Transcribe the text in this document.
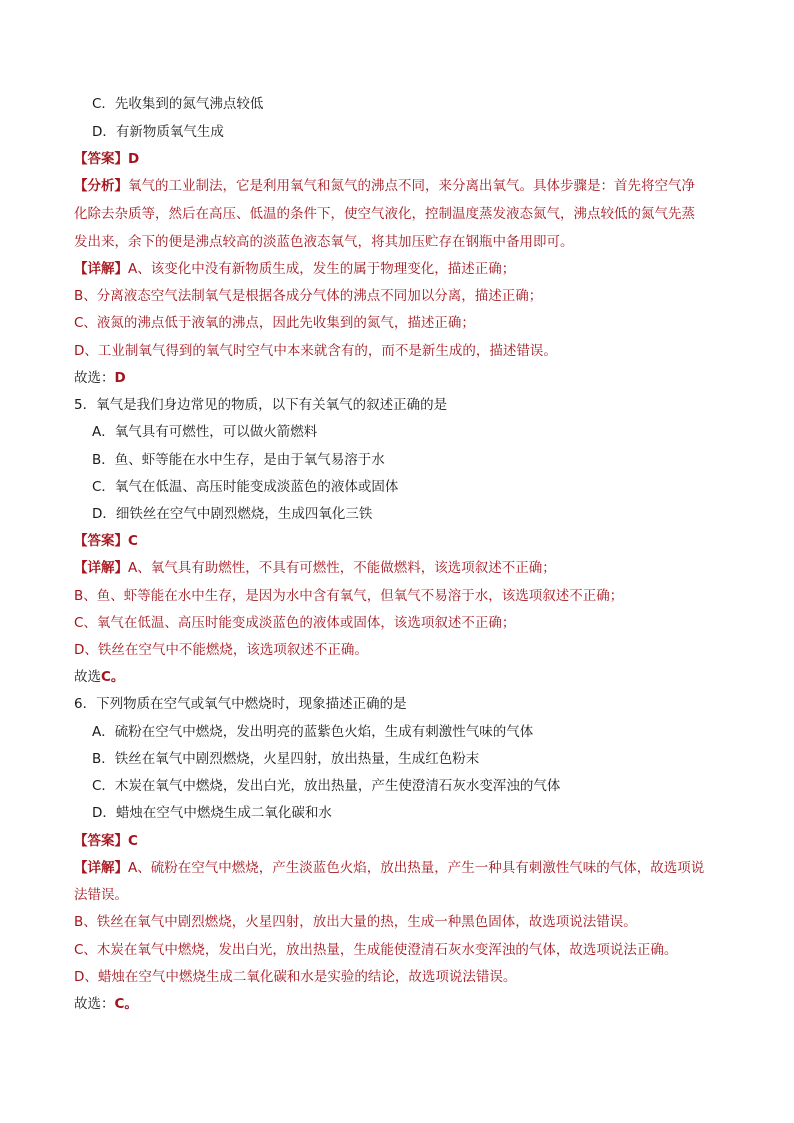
C．先收集到的氮气沸点较低
D．有新物质氧气生成
【答案】D
【分析】氧气的工业制法，它是利用氧气和氮气的沸点不同，来分离出氧气。具体步骤是：首先将空气净
化除去杂质等，然后在高压、低温的条件下，使空气液化，控制温度蒸发液态氮气，沸点较低的氮气先蒸
发出来，余下的便是沸点较高的淡蓝色液态氧气，将其加压贮存在钢瓶中备用即可。
【详解】A、该变化中没有新物质生成，发生的属于物理变化，描述正确；
B、分离液态空气法制氧气是根据各成分气体的沸点不同加以分离，描述正确；
C、液氮的沸点低于液氧的沸点，因此先收集到的氮气，描述正确；
D、工业制氧气得到的氧气时空气中本来就含有的，而不是新生成的，描述错误。
故选：D
5．氧气是我们身边常见的物质，以下有关氧气的叙述正确的是
A．氧气具有可燃性，可以做火箭燃料
B．鱼、虾等能在水中生存，是由于氧气易溶于水
C．氧气在低温、高压时能变成淡蓝色的液体或固体
D．细铁丝在空气中剧烈燃烧，生成四氧化三铁
【答案】C
【详解】A、氧气具有助燃性，不具有可燃性，不能做燃料，该选项叙述不正确；
B、鱼、虾等能在水中生存，是因为水中含有氧气，但氧气不易溶于水，该选项叙述不正确；
C、氧气在低温、高压时能变成淡蓝色的液体或固体，该选项叙述不正确；
D、铁丝在空气中不能燃烧，该选项叙述不正确。
故选C。
6．下列物质在空气或氧气中燃烧时，现象描述正确的是
A．硫粉在空气中燃烧，发出明亮的蓝紫色火焰，生成有刺激性气味的气体
B．铁丝在氧气中剧烈燃烧，火星四射，放出热量，生成红色粉末
C．木炭在氧气中燃烧，发出白光，放出热量，产生使澄清石灰水变浑浊的气体
D．蜡烛在空气中燃烧生成二氧化碳和水
【答案】C
【详解】A、硫粉在空气中燃烧，产生淡蓝色火焰，放出热量，产生一种具有刺激性气味的气体，故选项说
法错误。
B、铁丝在氧气中剧烈燃烧，火星四射，放出大量的热，生成一种黑色固体，故选项说法错误。
C、木炭在氧气中燃烧，发出白光，放出热量，生成能使澄清石灰水变浑浊的气体，故选项说法正确。
D、蜡烛在空气中燃烧生成二氧化碳和水是实验的结论，故选项说法错误。
故选：C。
